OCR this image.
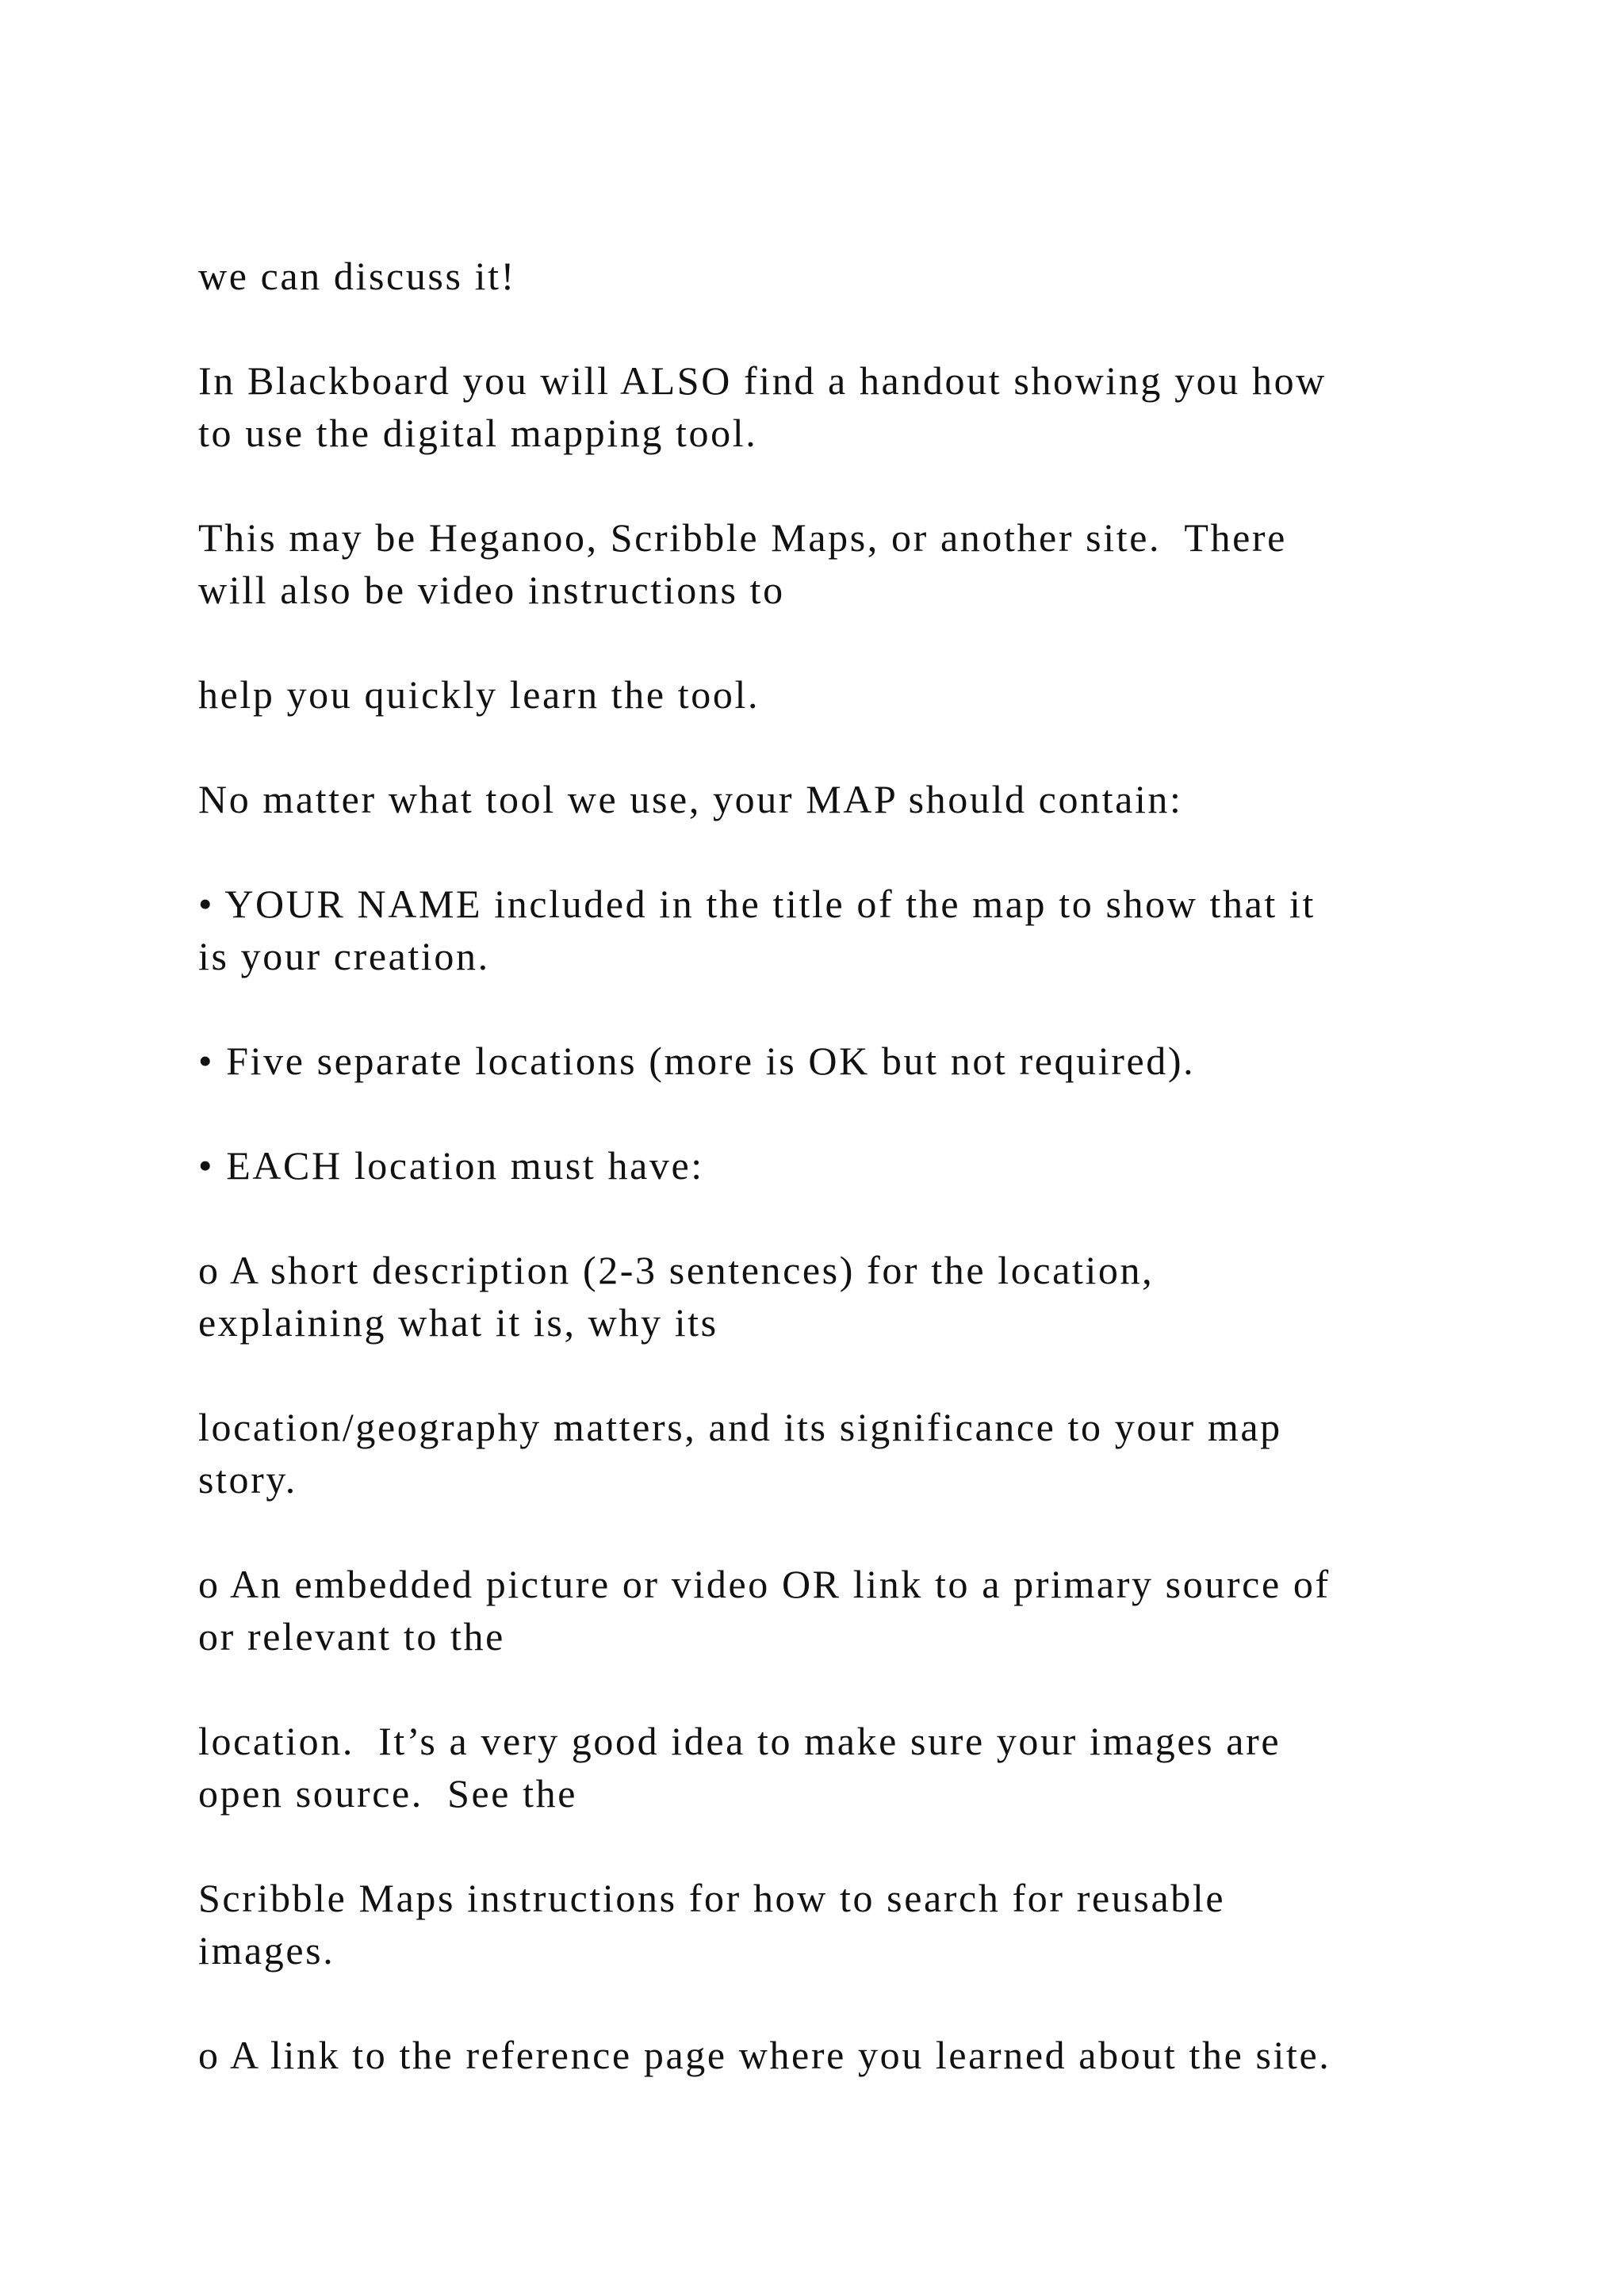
we can discuss it!

In Blackboard you will ALSO find a handout showing you how

to use the digital mapping tool.

This may be Heganoo, Scribble Maps, or another site.  There

will also be video instructions to

help you quickly learn the tool.

No matter what tool we use, your MAP should contain:

• YOUR NAME included in the title of the map to show that it

is your creation.

• Five separate locations (more is OK but not required).

• EACH location must have:

o A short description (2-3 sentences) for the location,

explaining what it is, why its

location/geography matters, and its significance to your map

story.

o An embedded picture or video OR link to a primary source of

or relevant to the

location.  It’s a very good idea to make sure your images are

open source.  See the

Scribble Maps instructions for how to search for reusable

images.

o A link to the reference page where you learned about the site.
